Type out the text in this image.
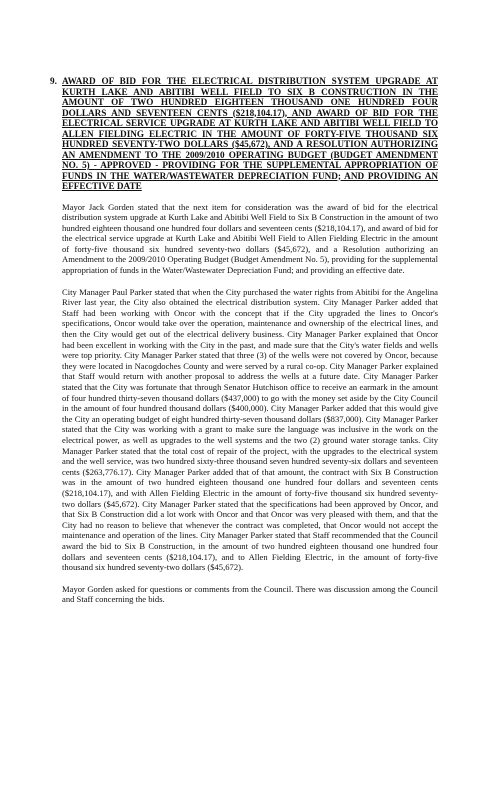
9. AWARD OF BID FOR THE ELECTRICAL DISTRIBUTION SYSTEM UPGRADE AT KURTH LAKE AND ABITIBI WELL FIELD TO SIX B CONSTRUCTION IN THE AMOUNT OF TWO HUNDRED EIGHTEEN THOUSAND ONE HUNDRED FOUR DOLLARS AND SEVENTEEN CENTS ($218,104.17), AND AWARD OF BID FOR THE ELECTRICAL SERVICE UPGRADE AT KURTH LAKE AND ABITIBI WELL FIELD TO ALLEN FIELDING ELECTRIC IN THE AMOUNT OF FORTY-FIVE THOUSAND SIX HUNDRED SEVENTY-TWO DOLLARS ($45,672), AND A RESOLUTION AUTHORIZING AN AMENDMENT TO THE 2009/2010 OPERATING BUDGET (BUDGET AMENDMENT NO. 5) - APPROVED - PROVIDING FOR THE SUPPLEMENTAL APPROPRIATION OF FUNDS IN THE WATER/WASTEWATER DEPRECIATION FUND; AND PROVIDING AN EFFECTIVE DATE

Mayor Jack Gorden stated that the next item for consideration was the award of bid for the electrical distribution system upgrade at Kurth Lake and Abitibi Well Field to Six B Construction in the amount of two hundred eighteen thousand one hundred four dollars and seventeen cents ($218,104.17), and award of bid for the electrical service upgrade at Kurth Lake and Abitibi Well Field to Allen Fielding Electric in the amount of forty-five thousand six hundred seventy-two dollars ($45,672), and a Resolution authorizing an Amendment to the 2009/2010 Operating Budget (Budget Amendment No. 5), providing for the supplemental appropriation of funds in the Water/Wastewater Depreciation Fund; and providing an effective date.

City Manager Paul Parker stated that when the City purchased the water rights from Abitibi for the Angelina River last year, the City also obtained the electrical distribution system. City Manager Parker added that Staff had been working with Oncor with the concept that if the City upgraded the lines to Oncor's specifications, Oncor would take over the operation, maintenance and ownership of the electrical lines, and then the City would get out of the electrical delivery business. City Manager Parker explained that Oncor had been excellent in working with the City in the past, and made sure that the City's water fields and wells were top priority. City Manager Parker stated that three (3) of the wells were not covered by Oncor, because they were located in Nacogdoches County and were served by a rural co-op. City Manager Parker explained that Staff would return with another proposal to address the wells at a future date. City Manager Parker stated that the City was fortunate that through Senator Hutchison office to receive an earmark in the amount of four hundred thirty-seven thousand dollars ($437,000) to go with the money set aside by the City Council in the amount of four hundred thousand dollars ($400,000). City Manager Parker added that this would give the City an operating budget of eight hundred thirty-seven thousand dollars ($837,000). City Manager Parker stated that the City was working with a grant to make sure the language was inclusive in the work on the electrical power, as well as upgrades to the well systems and the two (2) ground water storage tanks. City Manager Parker stated that the total cost of repair of the project, with the upgrades to the electrical system and the well service, was two hundred sixty-three thousand seven hundred seventy-six dollars and seventeen cents ($263,776.17). City Manager Parker added that of that amount, the contract with Six B Construction was in the amount of two hundred eighteen thousand one hundred four dollars and seventeen cents ($218,104.17), and with Allen Fielding Electric in the amount of forty-five thousand six hundred seventy-two dollars ($45,672). City Manager Parker stated that the specifications had been approved by Oncor, and that Six B Construction did a lot work with Oncor and that Oncor was very pleased with them, and that the City had no reason to believe that whenever the contract was completed, that Oncor would not accept the maintenance and operation of the lines. City Manager Parker stated that Staff recommended that the Council award the bid to Six B Construction, in the amount of two hundred eighteen thousand one hundred four dollars and seventeen cents ($218,104.17), and to Allen Fielding Electric, in the amount of forty-five thousand six hundred seventy-two dollars ($45,672).

Mayor Gorden asked for questions or comments from the Council. There was discussion among the Council and Staff concerning the bids.
